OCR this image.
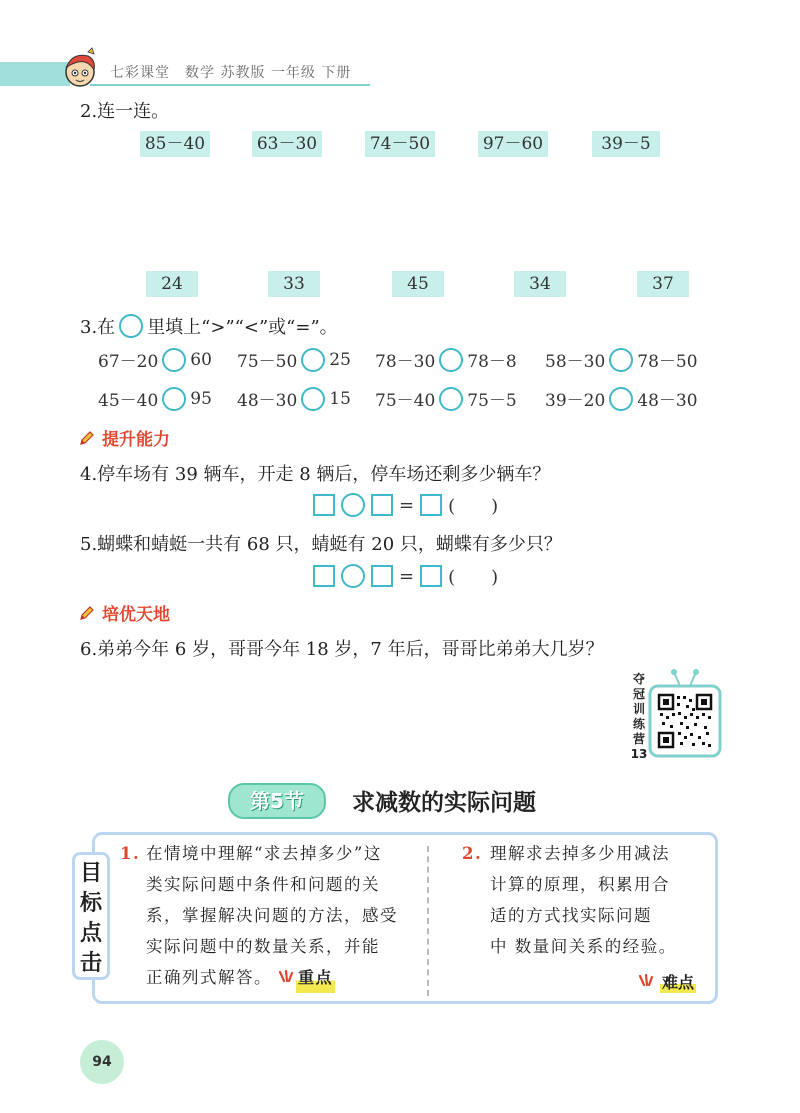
七彩课堂　数学 苏教版 一年级 下册
2.连一连。
85－40	63－30	74－50	97－60	39－5
24	33	45	34	37
3.在 里填上“>”“<”或“=”。
67－20 60 75－50 25 78－30 78－8 58－30 78－50
45－40 95 48－30 15 75－40 75－5 39－20 48－30
提升能力
4.停车场有 39 辆车，开走 8 辆后，停车场还剩多少辆车？
= (　　)
5.蝴蝶和蜻蜓一共有 68 只，蜻蜓有 20 只，蝴蝶有多少只？
= (　　)
培优天地
6.弟弟今年 6 岁，哥哥今年 18 岁，7 年后，哥哥比弟弟大几岁？
夺
冠
训
练
营
13
第5节	求减数的实际问题
目
标
点
击
1. 在情境中理解“求去掉多少”这
类实际问题中条件和问题的关
系，掌握解决问题的方法，感受
实际问题中的数量关系，并能
正确列式解答。 重点
2. 理解求去掉多少用减法
计算的原理，积累用合
适的方式找实际问题
中 数量间关系的经验。
难点
94
